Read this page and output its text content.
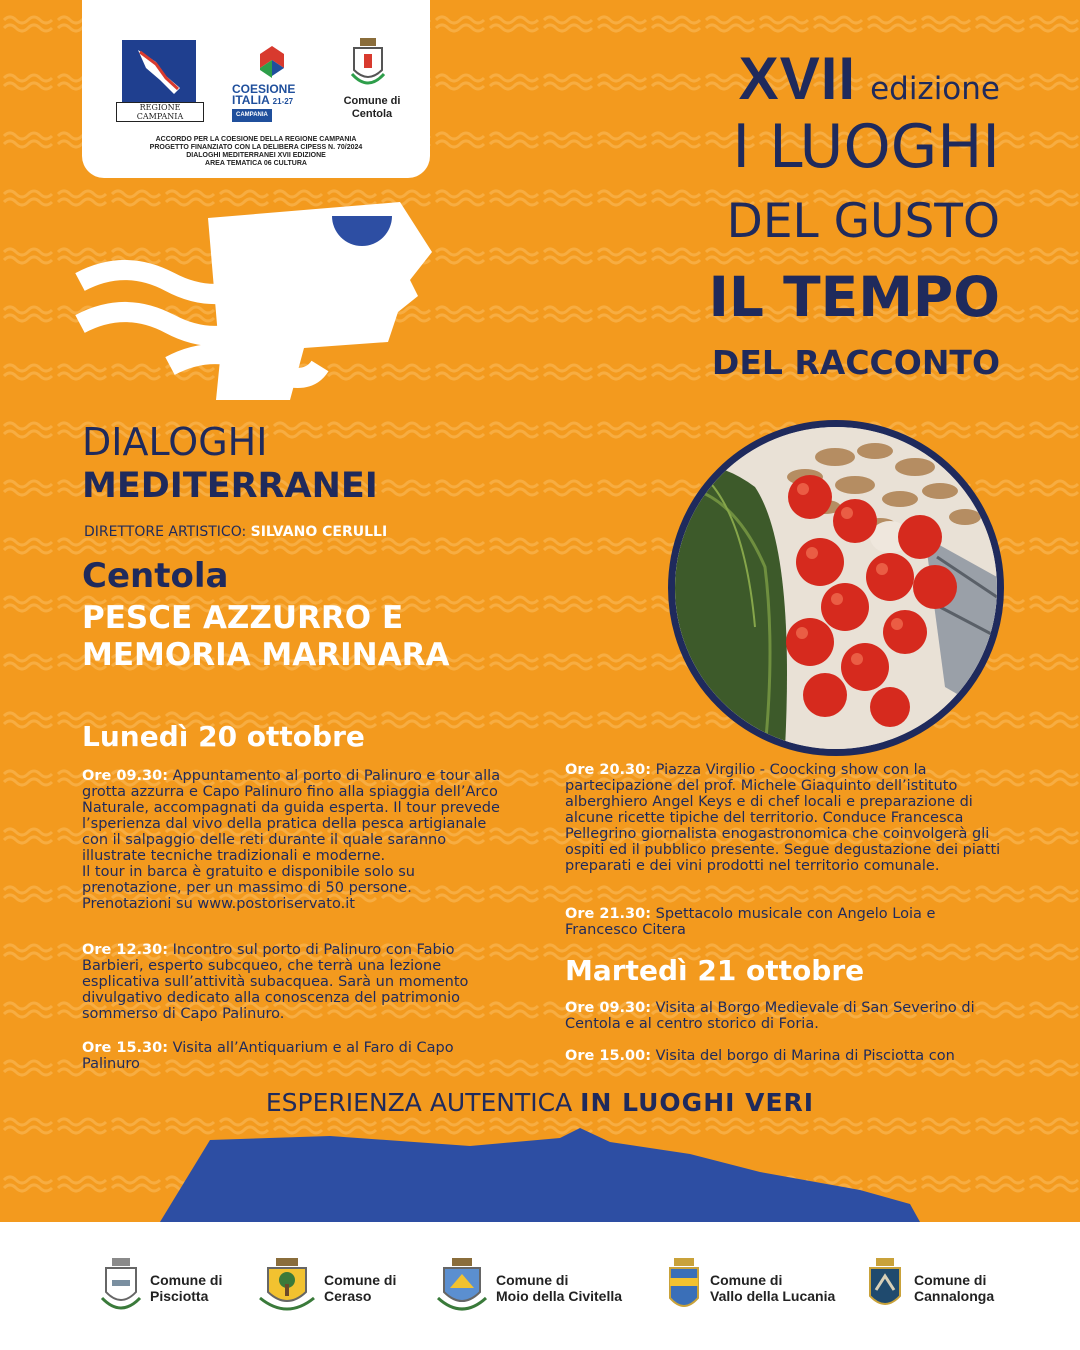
REGIONE CAMPANIA
COESIONE
ITALIA 21-27
CAMPANIA
Comune di
Centola
ACCORDO PER LA COESIONE DELLA REGIONE CAMPANIA
PROGETTO FINANZIATO CON LA DELIBERA CIPESS N. 70/2024
DIALOGHI MEDITERRANEI XVII EDIZIONE
AREA TEMATICA 06 CULTURA
XVII edizione
I LUOGHI
DEL GUSTO
IL TEMPO
DEL RACCONTO
DIALOGHI
MEDITERRANEI
DIRETTORE ARTISTICO: SILVANO CERULLI
Centola
PESCE AZZURRO E
MEMORIA MARINARA
Lunedì 20 ottobre
Ore 09.30: Appuntamento al porto di Palinuro e tour alla grotta azzurra e Capo Palinuro fino alla spiaggia dell’Arco Naturale, accompagnati da guida esperta. Il tour prevede l’sperienza dal vivo della pratica della pesca artigianale con il salpaggio delle reti durante il quale saranno illustrate tecniche tradizionali e moderne.
Il tour in barca è gratuito e disponibile solo su prenotazione, per un massimo di 50 persone.
Prenotazioni su www.postoriservato.it
Ore 12.30: Incontro sul porto di Palinuro con Fabio Barbieri, esperto subcqueo, che terrà una lezione esplicativa sull’attività subacquea. Sarà un momento divulgativo dedicato alla conoscenza del patrimonio sommerso di Capo Palinuro.
Ore 15.30: Visita all’Antiquarium e al Faro di Capo Palinuro
Ore 20.30: Piazza Virgilio - Coocking show con la partecipazione del prof. Michele Giaquinto dell’istituto alberghiero Angel Keys e di chef locali e preparazione di alcune ricette tipiche del territorio. Conduce Francesca Pellegrino giornalista enogastronomica che coinvolgerà gli ospiti ed il pubblico presente. Segue degustazione dei piatti preparati e dei vini prodotti nel territorio comunale.
Ore 21.30: Spettacolo musicale con Angelo Loia e Francesco Citera
Martedì 21 ottobre
Ore 09.30: Visita al Borgo Medievale di San Severino di Centola e al centro storico di Foria.
Ore 15.00: Visita del borgo di Marina di Pisciotta con
ESPERIENZA AUTENTICA IN LUOGHI VERI
Comune di
Pisciotta
Comune di
Ceraso
Comune di
Moio della Civitella
Comune di
Vallo della Lucania
Comune di
Cannalonga
